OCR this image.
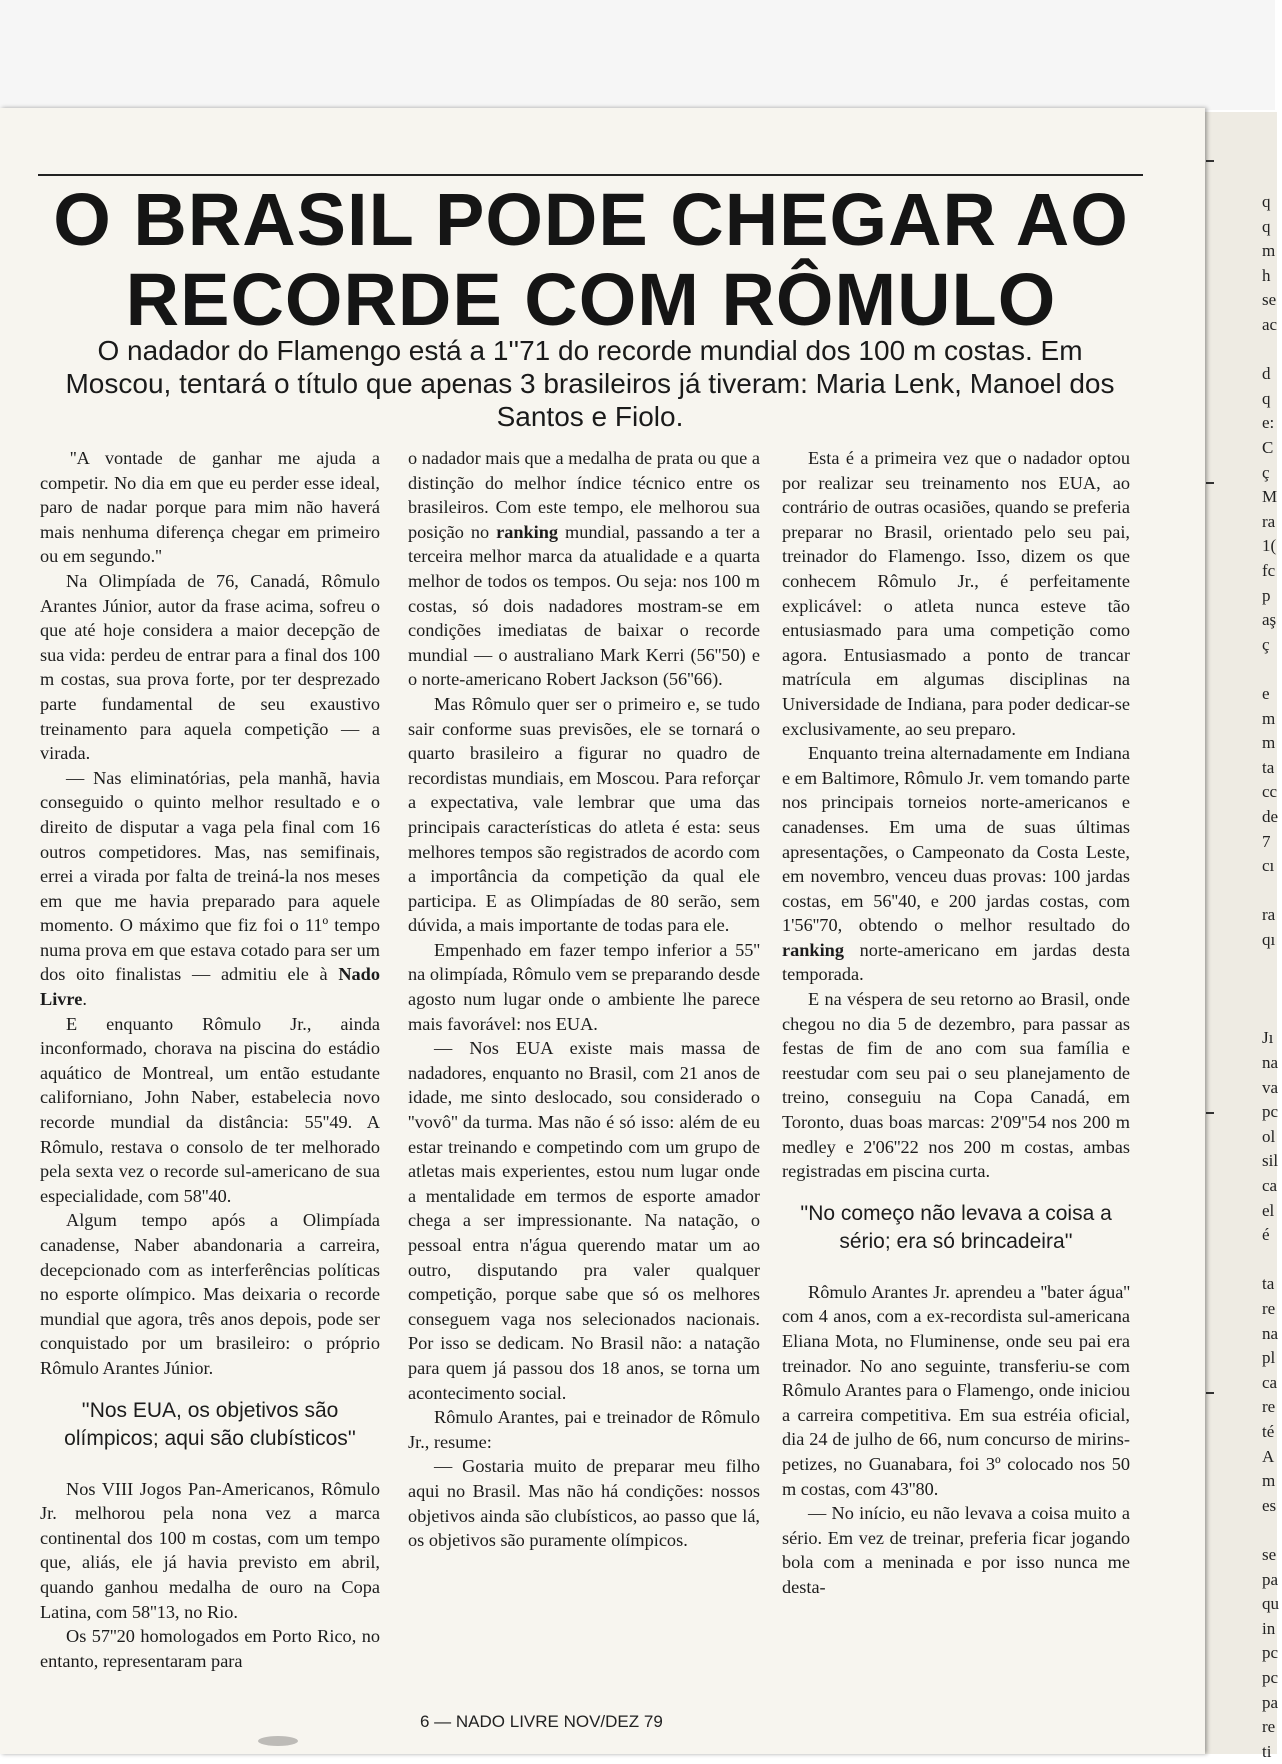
q
q
m
h
se
ac
d
q
e:
C
ç
M
ra
1(
fc
p
aş
ç
e
m
m
ta
cc
de
7
cı
ra
qı
Jı
na
va
pc
ol
sil
ca
el
é
ta
re
na
pl
ca
re
té
A
m
es
se
pa
qu
in
pc
pc
pa
re
ti
O BRASIL PODE CHEGAR AO RECORDE COM RÔMULO

O nadador do Flamengo está a 1''71 do recorde mundial dos 100 m costas. Em Moscou, tentará o título que apenas 3 brasileiros já tiveram: Maria Lenk, Manoel dos Santos e Fiolo.

''A vontade de ganhar me ajuda a competir. No dia em que eu perder esse ideal, paro de nadar porque para mim não haverá mais nenhuma diferença chegar em primeiro ou em segundo.''

Na Olimpíada de 76, Canadá, Rômulo Arantes Júnior, autor da frase acima, sofreu o que até hoje considera a maior decepção de sua vida: perdeu de entrar para a final dos 100 m costas, sua prova forte, por ter desprezado parte fundamental de seu exaustivo treinamento para aquela competição — a virada.

— Nas eliminatórias, pela manhã, havia conseguido o quinto melhor resultado e o direito de disputar a vaga pela final com 16 outros competidores. Mas, nas semifinais, errei a virada por falta de treiná-la nos meses em que me havia preparado para aquele momento. O máximo que fiz foi o 11º tempo numa prova em que estava cotado para ser um dos oito finalistas — admitiu ele à Nado Livre.

E enquanto Rômulo Jr., ainda inconformado, chorava na piscina do estádio aquático de Montreal, um então estudante californiano, John Naber, estabelecia novo recorde mundial da distância: 55''49. A Rômulo, restava o consolo de ter melhorado pela sexta vez o recorde sul-americano de sua especialidade, com 58''40.

Algum tempo após a Olimpíada canadense, Naber abandonaria a carreira, decepcionado com as interferências políticas no esporte olímpico. Mas deixaria o recorde mundial que agora, três anos depois, pode ser conquistado por um brasileiro: o próprio Rômulo Arantes Júnior.

''Nos EUA, os objetivos são olímpicos; aqui são clubísticos''

Nos VIII Jogos Pan-Americanos, Rômulo Jr. melhorou pela nona vez a marca continental dos 100 m costas, com um tempo que, aliás, ele já havia previsto em abril, quando ganhou medalha de ouro na Copa Latina, com 58''13, no Rio.

Os 57''20 homologados em Porto Rico, no entanto, representaram para

o nadador mais que a medalha de prata ou que a distinção do melhor índice técnico entre os brasileiros. Com este tempo, ele melhorou sua posição no ranking mundial, passando a ter a terceira melhor marca da atualidade e a quarta melhor de todos os tempos. Ou seja: nos 100 m costas, só dois nadadores mostram-se em condições imediatas de baixar o recorde mundial — o australiano Mark Kerri (56''50) e o norte-americano Robert Jackson (56''66).

Mas Rômulo quer ser o primeiro e, se tudo sair conforme suas previsões, ele se tornará o quarto brasileiro a figurar no quadro de recordistas mundiais, em Moscou. Para reforçar a expectativa, vale lembrar que uma das principais características do atleta é esta: seus melhores tempos são registrados de acordo com a importância da competição da qual ele participa. E as Olimpíadas de 80 serão, sem dúvida, a mais importante de todas para ele.

Empenhado em fazer tempo inferior a 55'' na olimpíada, Rômulo vem se preparando desde agosto num lugar onde o ambiente lhe parece mais favorável: nos EUA.

— Nos EUA existe mais massa de nadadores, enquanto no Brasil, com 21 anos de idade, me sinto deslocado, sou considerado o ''vovô'' da turma. Mas não é só isso: além de eu estar treinando e competindo com um grupo de atletas mais experientes, estou num lugar onde a mentalidade em termos de esporte amador chega a ser impressionante. Na natação, o pessoal entra n'água querendo matar um ao outro, disputando pra valer qualquer competição, porque sabe que só os melhores conseguem vaga nos selecionados nacionais. Por isso se dedicam. No Brasil não: a natação para quem já passou dos 18 anos, se torna um acontecimento social.

Rômulo Arantes, pai e treinador de Rômulo Jr., resume:

— Gostaria muito de preparar meu filho aqui no Brasil. Mas não há condições: nossos objetivos ainda são clubísticos, ao passo que lá, os objetivos são puramente olímpicos.

Esta é a primeira vez que o nadador optou por realizar seu treinamento nos EUA, ao contrário de outras ocasiões, quando se preferia preparar no Brasil, orientado pelo seu pai, treinador do Flamengo. Isso, dizem os que conhecem Rômulo Jr., é perfeitamente explicável: o atleta nunca esteve tão entusiasmado para uma competição como agora. Entusiasmado a ponto de trancar matrícula em algumas disciplinas na Universidade de Indiana, para poder dedicar-se exclusivamente, ao seu preparo.

Enquanto treina alternadamente em Indiana e em Baltimore, Rômulo Jr. vem tomando parte nos principais torneios norte-americanos e canadenses. Em uma de suas últimas apresentações, o Campeonato da Costa Leste, em novembro, venceu duas provas: 100 jardas costas, em 56''40, e 200 jardas costas, com 1'56''70, obtendo o melhor resultado do ranking norte-americano em jardas desta temporada.

E na véspera de seu retorno ao Brasil, onde chegou no dia 5 de dezembro, para passar as festas de fim de ano com sua família e reestudar com seu pai o seu planejamento de treino, conseguiu na Copa Canadá, em Toronto, duas boas marcas: 2'09''54 nos 200 m medley e 2'06''22 nos 200 m costas, ambas registradas em piscina curta.

''No começo não levava a coisa a sério; era só brincadeira''

Rômulo Arantes Jr. aprendeu a ''bater água'' com 4 anos, com a ex-recordista sul-americana Eliana Mota, no Fluminense, onde seu pai era treinador. No ano seguinte, transferiu-se com Rômulo Arantes para o Flamengo, onde iniciou a carreira competitiva. Em sua estréia oficial, dia 24 de julho de 66, num concurso de mirins-petizes, no Guanabara, foi 3º colocado nos 50 m costas, com 43''80.

— No início, eu não levava a coisa muito a sério. Em vez de treinar, preferia ficar jogando bola com a meninada e por isso nunca me desta-

6 — NADO LIVRE NOV/DEZ 79
